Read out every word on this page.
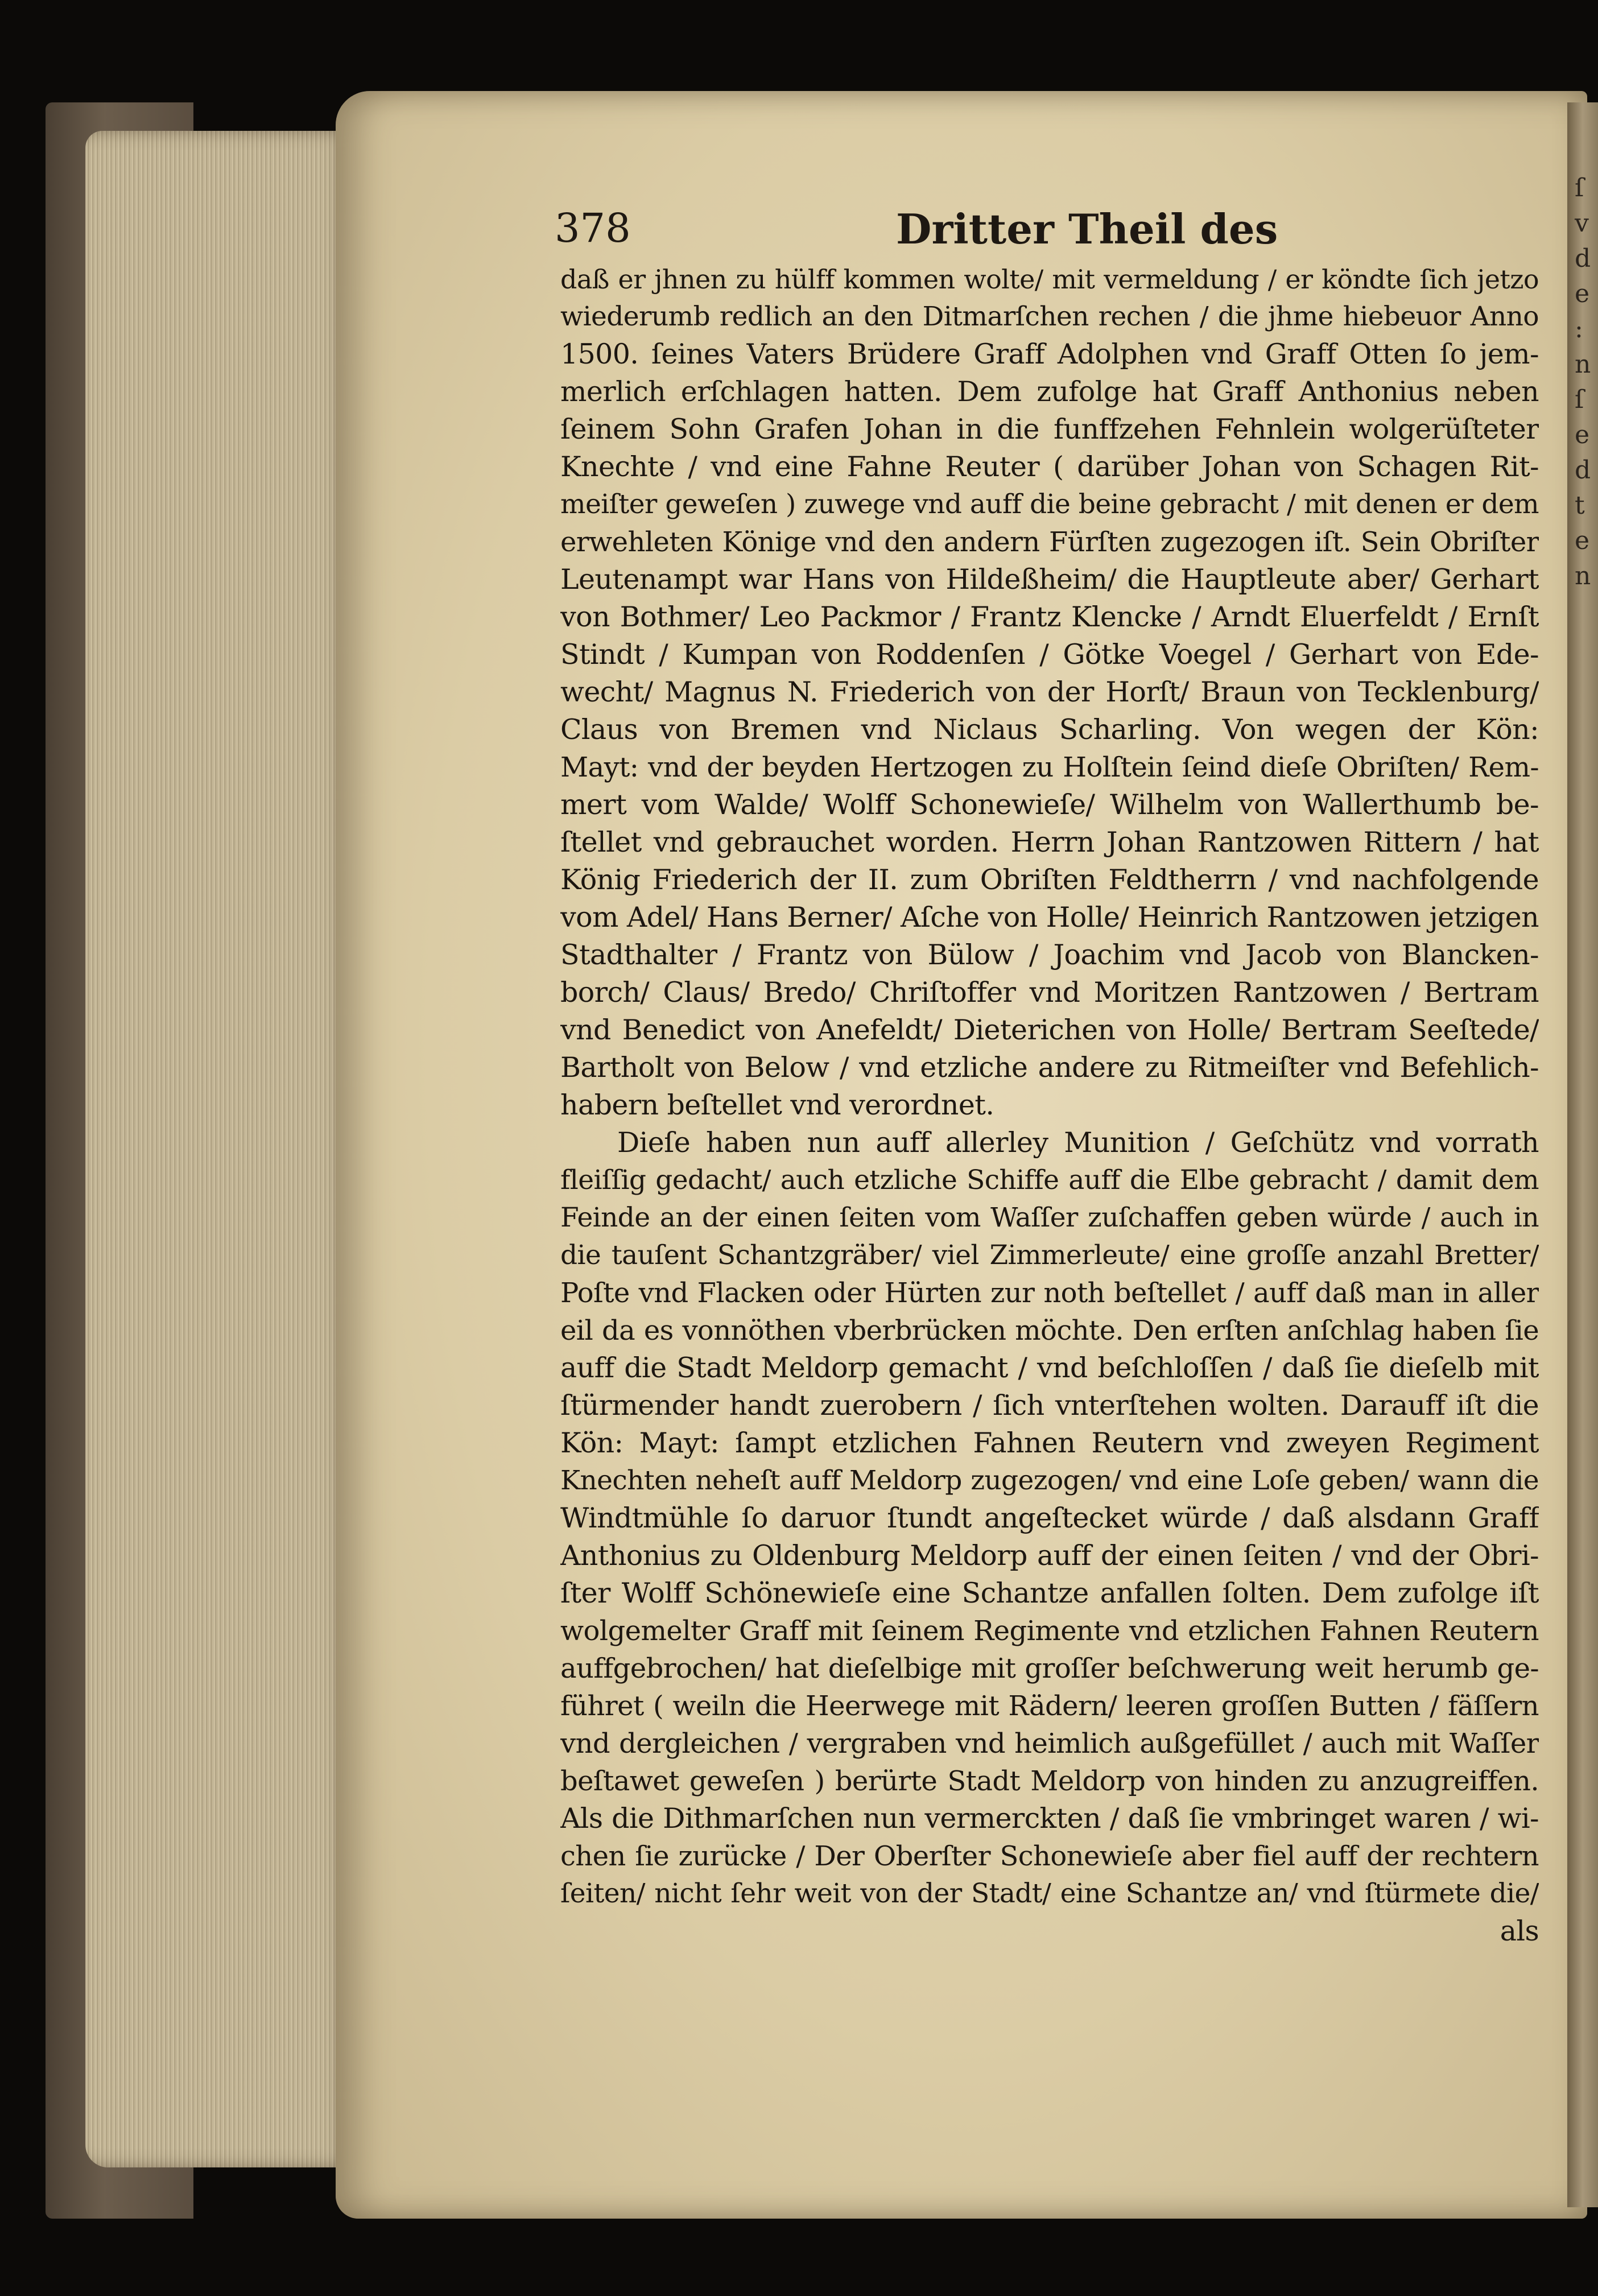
ſ
v
d
e
:
n
ſ
e
d
t
e
n
378	Dritter Theil des
daß er jhnen zu hülff kommen wolte/ mit vermeldung / er köndte ſich jetzo
wiederumb redlich an den Ditmarſchen rechen / die jhme hiebeuor Anno
1500. ſeines Vaters Brüdere Graff Adolphen vnd Graff Otten ſo jem-
merlich erſchlagen hatten. Dem zufolge hat Graff Anthonius neben
ſeinem Sohn Grafen Johan in die funffzehen Fehnlein wolgerüſteter
Knechte / vnd eine Fahne Reuter ( darüber Johan von Schagen Rit-
meiſter geweſen ) zuwege vnd auff die beine gebracht / mit denen er dem
erwehleten Könige vnd den andern Fürſten zugezogen iſt. Sein Obriſter
Leutenampt war Hans von Hildeßheim/ die Hauptleute aber/ Gerhart
von Bothmer/ Leo Packmor / Frantz Klencke / Arndt Eluerfeldt / Ernſt
Stindt / Kumpan von Roddenſen / Götke Voegel / Gerhart von Ede-
wecht/ Magnus N. Friederich von der Horſt/ Braun von Tecklenburg/
Claus von Bremen vnd Niclaus Scharling. Von wegen der Kön:
Mayt: vnd der beyden Hertzogen zu Holſtein ſeind dieſe Obriſten/ Rem-
mert vom Walde/ Wolff Schonewieſe/ Wilhelm von Wallerthumb be-
ſtellet vnd gebrauchet worden. Herrn Johan Rantzowen Rittern / hat
König Friederich der II. zum Obriſten Feldtherrn / vnd nachfolgende
vom Adel/ Hans Berner/ Aſche von Holle/ Heinrich Rantzowen jetzigen
Stadthalter / Frantz von Bülow / Joachim vnd Jacob von Blancken-
borch/ Claus/ Bredo/ Chriſtoffer vnd Moritzen Rantzowen / Bertram
vnd Benedict von Anefeldt/ Dieterichen von Holle/ Bertram Seeſtede/
Bartholt von Below / vnd etzliche andere zu Ritmeiſter vnd Befehlich-
habern beſtellet vnd verordnet.
Dieſe haben nun auff allerley Munition / Geſchütz vnd vorrath
fleiſſig gedacht/ auch etzliche Schiffe auff die Elbe gebracht / damit dem
Feinde an der einen ſeiten vom Waſſer zuſchaffen geben würde / auch in
die tauſent Schantzgräber/ viel Zimmerleute/ eine groſſe anzahl Bretter/
Poſte vnd Flacken oder Hürten zur noth beſtellet / auff daß man in aller
eil da es vonnöthen vberbrücken möchte. Den erſten anſchlag haben ſie
auff die Stadt Meldorp gemacht / vnd beſchloſſen / daß ſie dieſelb mit
ſtürmender handt zuerobern / ſich vnterſtehen wolten. Darauff iſt die
Kön: Mayt: ſampt etzlichen Fahnen Reutern vnd zweyen Regiment
Knechten neheſt auff Meldorp zugezogen/ vnd eine Loſe geben/ wann die
Windtmühle ſo daruor ſtundt angeſtecket würde / daß alsdann Graff
Anthonius zu Oldenburg Meldorp auff der einen ſeiten / vnd der Obri-
ſter Wolff Schönewieſe eine Schantze anfallen ſolten. Dem zufolge iſt
wolgemelter Graff mit ſeinem Regimente vnd etzlichen Fahnen Reutern
auffgebrochen/ hat dieſelbige mit groſſer beſchwerung weit herumb ge-
führet ( weiln die Heerwege mit Rädern/ leeren groſſen Butten / fäſſern
vnd dergleichen / vergraben vnd heimlich außgefüllet / auch mit Waſſer
beſtawet geweſen ) berürte Stadt Meldorp von hinden zu anzugreiffen.
Als die Dithmarſchen nun vermerckten / daß ſie vmbringet waren / wi-
chen ſie zurücke / Der Oberſter Schonewieſe aber fiel auff der rechtern
ſeiten/ nicht ſehr weit von der Stadt/ eine Schantze an/ vnd ſtürmete die/
als
